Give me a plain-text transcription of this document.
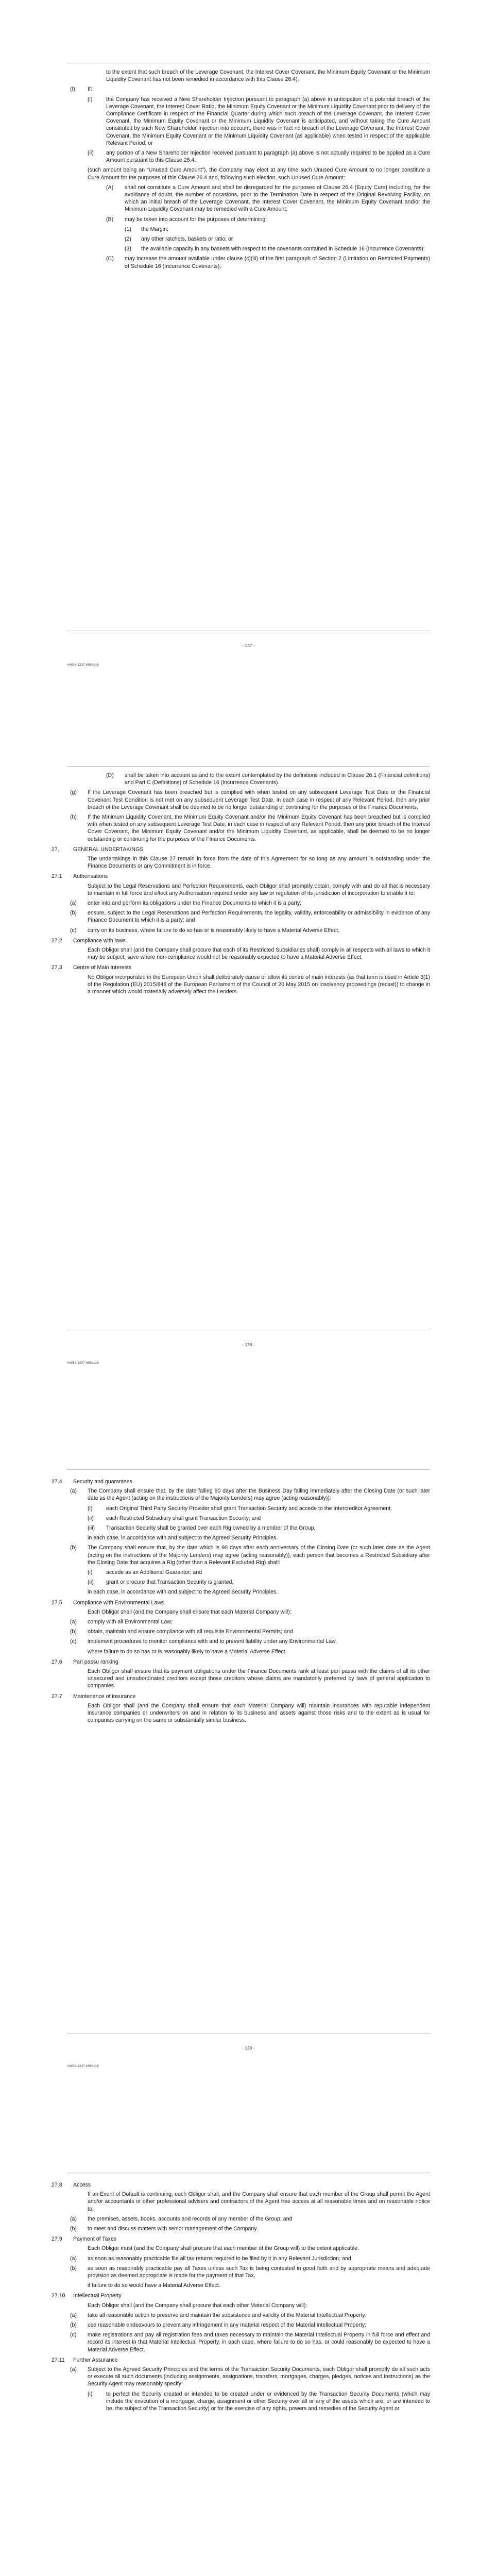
to the extent that such breach of the Leverage Covenant, the Interest Cover Covenant, the Minimum Equity Covenant or the Minimum Liquidity Covenant has not been remedied in accordance with this Clause 26.4).

(f)	If:
(i)	the Company has received a New Shareholder Injection pursuant to paragraph (a) above in anticipation of a potential breach of the Leverage Covenant, the Interest Cover Ratio, the Minimum Equity Covenant or the Minimum Liquidity Covenant prior to delivery of the Compliance Certificate in respect of the Financial Quarter during which such breach of the Leverage Covenant, the Interest Cover Covenant, the Minimum Equity Covenant or the Minimum Liquidity Covenant is anticipated, and without taking the Cure Amount constituted by such New Shareholder Injection into account, there was in fact no breach of the Leverage Covenant, the Interest Cover Covenant, the Minimum Equity Covenant or the Minimum Liquidity Covenant (as applicable) when tested in respect of the applicable Relevant Period; or
(ii)	any portion of a New Shareholder Injection received pursuant to paragraph (a) above is not actually required to be applied as a Cure Amount pursuant to this Clause 26.4,

(such amount being an “Unused Cure Amount”), the Company may elect at any time such Unused Cure Amount to no longer constitute a Cure Amount for the purposes of this Clause 26.4 and, following such election, such Unused Cure Amount:

(A)	shall not constitute a Cure Amount and shall be disregarded for the purposes of Clause 26.4 (Equity Cure) including, for the avoidance of doubt, the number of occasions, prior to the Termination Date in respect of the Original Revolving Facility, on which an initial breach of the Leverage Covenant, the Interest Cover Covenant, the Minimum Equity Covenant and/or the Minimum Liquidity Covenant may be remedied with a Cure Amount;
(B)	may be taken into account for the purposes of determining:
(1)	the Margin;
(2)	any other ratchets, baskets or ratio; or
(3)	the available capacity in any baskets with respect to the covenants contained in Schedule 16 (Incurrence Covenants);
(C)	may increase the amount available under clause (c)(iii) of the first paragraph of Section 2 (Limitation on Restricted Payments) of Schedule 16 (Incurrence Covenants);
- 137 -
#4854-1237-6969v16
(D)	shall be taken into account as and to the extent contemplated by the definitions included in Clause 26.1 (Financial definitions) and Part C (Definitions) of Schedule 16 (Incurrence Covenants).
(g)	If the Leverage Covenant has been breached but is complied with when tested on any subsequent Leverage Test Date or the Financial Covenant Test Condition is not met on any subsequent Leverage Test Date, in each case in respect of any Relevant Period, then any prior breach of the Leverage Covenant shall be deemed to be no longer outstanding or continuing for the purposes of the Finance Documents.
(h)	If the Minimum Liquidity Covenant, the Minimum Equity Covenant and/or the Minimum Equity Covenant has been breached but is complied with when tested on any subsequent Leverage Test Date, in each case in respect of any Relevant Period, then any prior breach of the Interest Cover Covenant, the Minimum Equity Covenant and/or the Minimum Liquidity Covenant, as applicable, shall be deemed to be no longer outstanding or continuing for the purposes of the Finance Documents.
27.	GENERAL UNDERTAKINGS

The undertakings in this Clause 27 remain in force from the date of this Agreement for so long as any amount is outstanding under the Finance Documents or any Commitment is in force.

27.1	Authorisations

Subject to the Legal Reservations and Perfection Requirements, each Obligor shall promptly obtain, comply with and do all that is necessary to maintain in full force and effect any Authorisation required under any law or regulation of its jurisdiction of incorporation to enable it to:

(a)	enter into and perform its obligations under the Finance Documents to which it is a party;
(b)	ensure, subject to the Legal Reservations and Perfection Requirements, the legality, validity, enforceability or admissibility in evidence of any Finance Document to which it is a party; and
(c)	carry on its business, where failure to do so has or is reasonably likely to have a Material Adverse Effect.
27.2	Compliance with laws

Each Obligor shall (and the Company shall procure that each of its Restricted Subsidiaries shall) comply in all respects with all laws to which it may be subject, save where non-compliance would not be reasonably expected to have a Material Adverse Effect.

27.3	Centre of Main Interests

No Obligor incorporated in the European Union shall deliberately cause or allow its centre of main interests (as that term is used in Article 3(1) of the Regulation (EU) 2015/848 of the European Parliament of the Council of 20 May 2015 on insolvency proceedings (recast)) to change in a manner which would materially adversely affect the Lenders.

- 138 -
#4854-1237-6969v16
27.4	Security and guarantees
(a)	The Company shall ensure that, by the date falling 60 days after the Business Day falling immediately after the Closing Date (or such later date as the Agent (acting on the instructions of the Majority Lenders) may agree (acting reasonably)):
(i)	each Original Third Party Security Provider shall grant Transaction Security and accede to the Intercreditor Agreement;
(ii)	each Restricted Subsidiary shall grant Transaction Security; and
(iii)	Transaction Security shall be granted over each Rig owned by a member of the Group,

in each case, in accordance with and subject to the Agreed Security Principles.

(b)	The Company shall ensure that, by the date which is 90 days after each anniversary of the Closing Date (or such later date as the Agent (acting on the instructions of the Majority Lenders) may agree (acting reasonably)), each person that becomes a Restricted Subsidiary after the Closing Date that acquires a Rig (other than a Relevant Excluded Rig) shall:
(i)	accede as an Additional Guarantor; and
(ii)	grant or procure that Transaction Security is granted,

in each case, in accordance with and subject to the Agreed Security Principles.

27.5	Compliance with Environmental Laws

Each Obligor shall (and the Company shall ensure that each Material Company will):

(a)	comply with all Environmental Law;
(b)	obtain, maintain and ensure compliance with all requisite Environmental Permits; and
(c)	implement procedures to monitor compliance with and to prevent liability under any Environmental Law,

where failure to do so has or is reasonably likely to have a Material Adverse Effect.

27.6	Pari passu ranking

Each Obligor shall ensure that its payment obligations under the Finance Documents rank at least pari passu with the claims of all its other unsecured and unsubordinated creditors except those creditors whose claims are mandatorily preferred by laws of general application to companies.

27.7	Maintenance of insurance

Each Obligor shall (and the Company shall ensure that each Material Company will) maintain insurances with reputable independent insurance companies or underwriters on and in relation to its business and assets against those risks and to the extent as is usual for companies carrying on the same or substantially similar business.

- 139 -
#4854-1237-6969v16
27.8	Access

If an Event of Default is continuing, each Obligor shall, and the Company shall ensure that each member of the Group shall permit the Agent and/or accountants or other professional advisers and contractors of the Agent free access at all reasonable times and on reasonable notice to:

(a)	the premises, assets, books, accounts and records of any member of the Group; and
(b)	to meet and discuss matters with senior management of the Company.
27.9	Payment of Taxes

Each Obligor must (and the Company shall procure that each member of the Group will) to the extent applicable:

(a)	as soon as reasonably practicable file all tax returns required to be filed by it in any Relevant Jurisdiction; and
(b)	as soon as reasonably practicable pay all Taxes unless such Tax is being contested in good faith and by appropriate means and adequate provision as deemed appropriate is made for the payment of that Tax,

if failure to do so would have a Material Adverse Effect.

27.10	Intellectual Property

Each Obligor shall (and the Company shall procure that each other Material Company will):

(a)	take all reasonable action to preserve and maintain the subsistence and validity of the Material Intellectual Property;
(b)	use reasonable endeavours to prevent any infringement in any material respect of the Material Intellectual Property;
(c)	make registrations and pay all registration fees and taxes necessary to maintain the Material Intellectual Property in full force and effect and record its interest in that Material Intellectual Property, in each case, where failure to do so has, or could reasonably be expected to have a Material Adverse Effect.
27.11	Further Assurance
(a)	Subject to the Agreed Security Principles and the terms of the Transaction Security Documents, each Obligor shall promptly do all such acts or execute all such documents (including assignments, assignations, transfers, mortgages, charges, pledges, notices and instructions) as the Security Agent may reasonably specify:
(i)	to perfect the Security created or intended to be created under or evidenced by the Transaction Security Documents (which may include the execution of a mortgage, charge, assignment or other Security over all or any of the assets which are, or are intended to be, the subject of the Transaction Security) or for the exercise of any rights, powers and remedies of the Security Agent or
